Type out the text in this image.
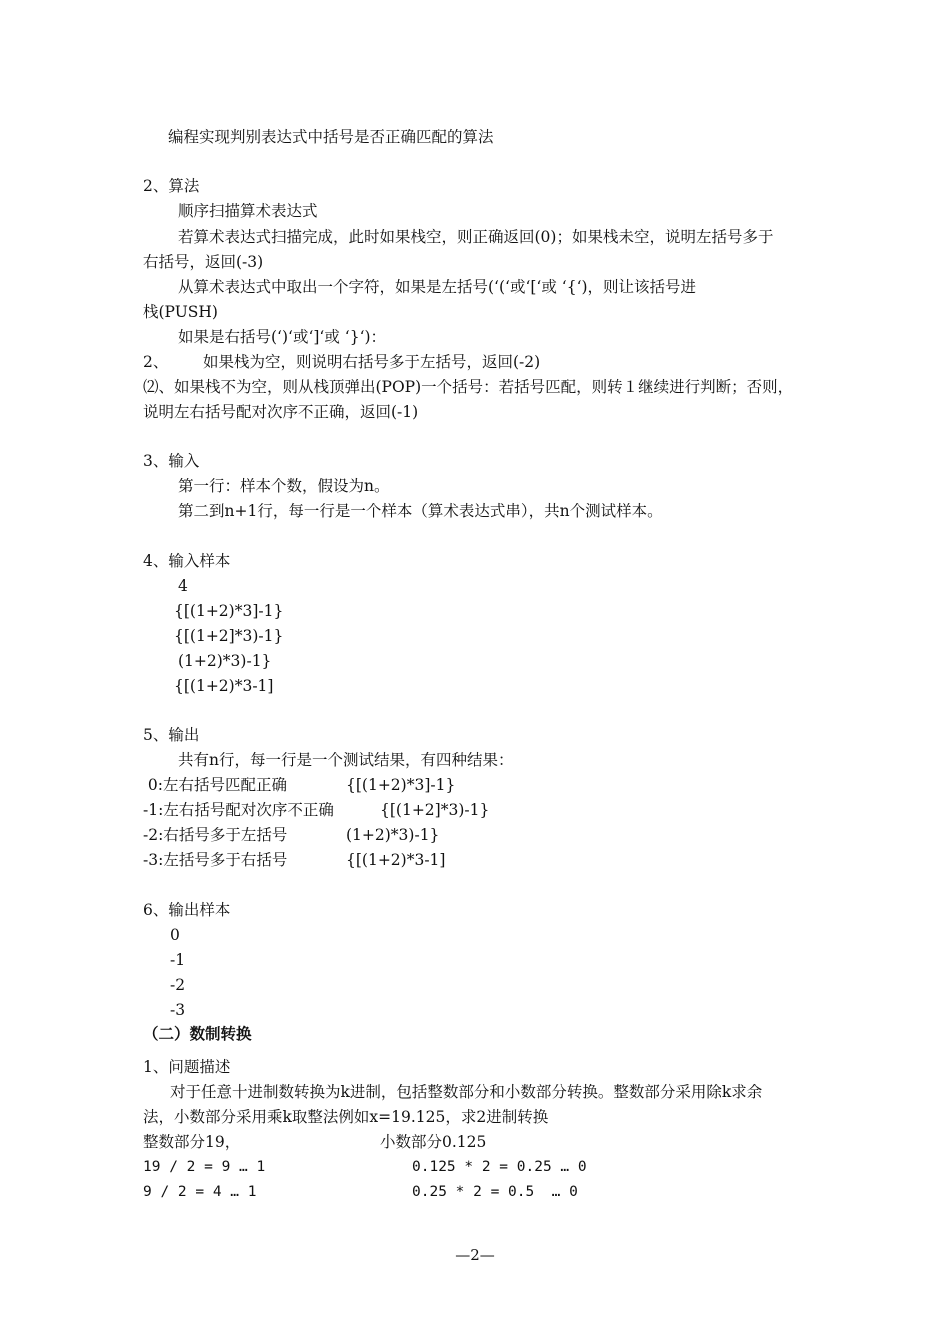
编程实现判别表达式中括号是否正确匹配的算法
2、算法
顺序扫描算术表达式
若算术表达式扫描完成，此时如果栈空，则正确返回(0)；如果栈未空，说明左括号多于
右括号，返回(-3)
从算术表达式中取出一个字符，如果是左括号(‘(‘或‘[‘或 ‘{‘)，则让该括号进
栈(PUSH)
如果是右括号(‘)‘或‘]‘或 ‘}‘)：
2、 如果栈为空，则说明右括号多于左括号，返回(-2)
⑵、如果栈不为空，则从栈顶弹出(POP)一个括号：若括号匹配，则转１继续进行判断；否则，
说明左右括号配对次序不正确，返回(-1)
3、输入
第一行：样本个数，假设为n。
第二到n+1行，每一行是一个样本（算术表达式串），共n个测试样本。
4、输入样本
4
{[(1+2)*3]-1}
{[(1+2]*3)-1}
(1+2)*3)-1}
{[(1+2)*3-1]
5、输出
共有n行，每一行是一个测试结果，有四种结果：
0:左右括号匹配正确	{[(1+2)*3]-1}
-1:左右括号配对次序不正确	{[(1+2]*3)-1}
-2:右括号多于左括号	(1+2)*3)-1}
-3:左括号多于右括号	{[(1+2)*3-1]
6、输出样本
0
-1
-2
-3
（二）数制转换
1、问题描述
对于任意十进制数转换为k进制，包括整数部分和小数部分转换。整数部分采用除k求余
法，小数部分采用乘k取整法例如x=19.125，求2进制转换
整数部分19，	小数部分0.125
19 / 2 = 9 … 1	0.125 * 2 = 0.25 … 0
9 / 2 = 4 … 1	0.25 * 2 = 0.5  … 0
—2—
